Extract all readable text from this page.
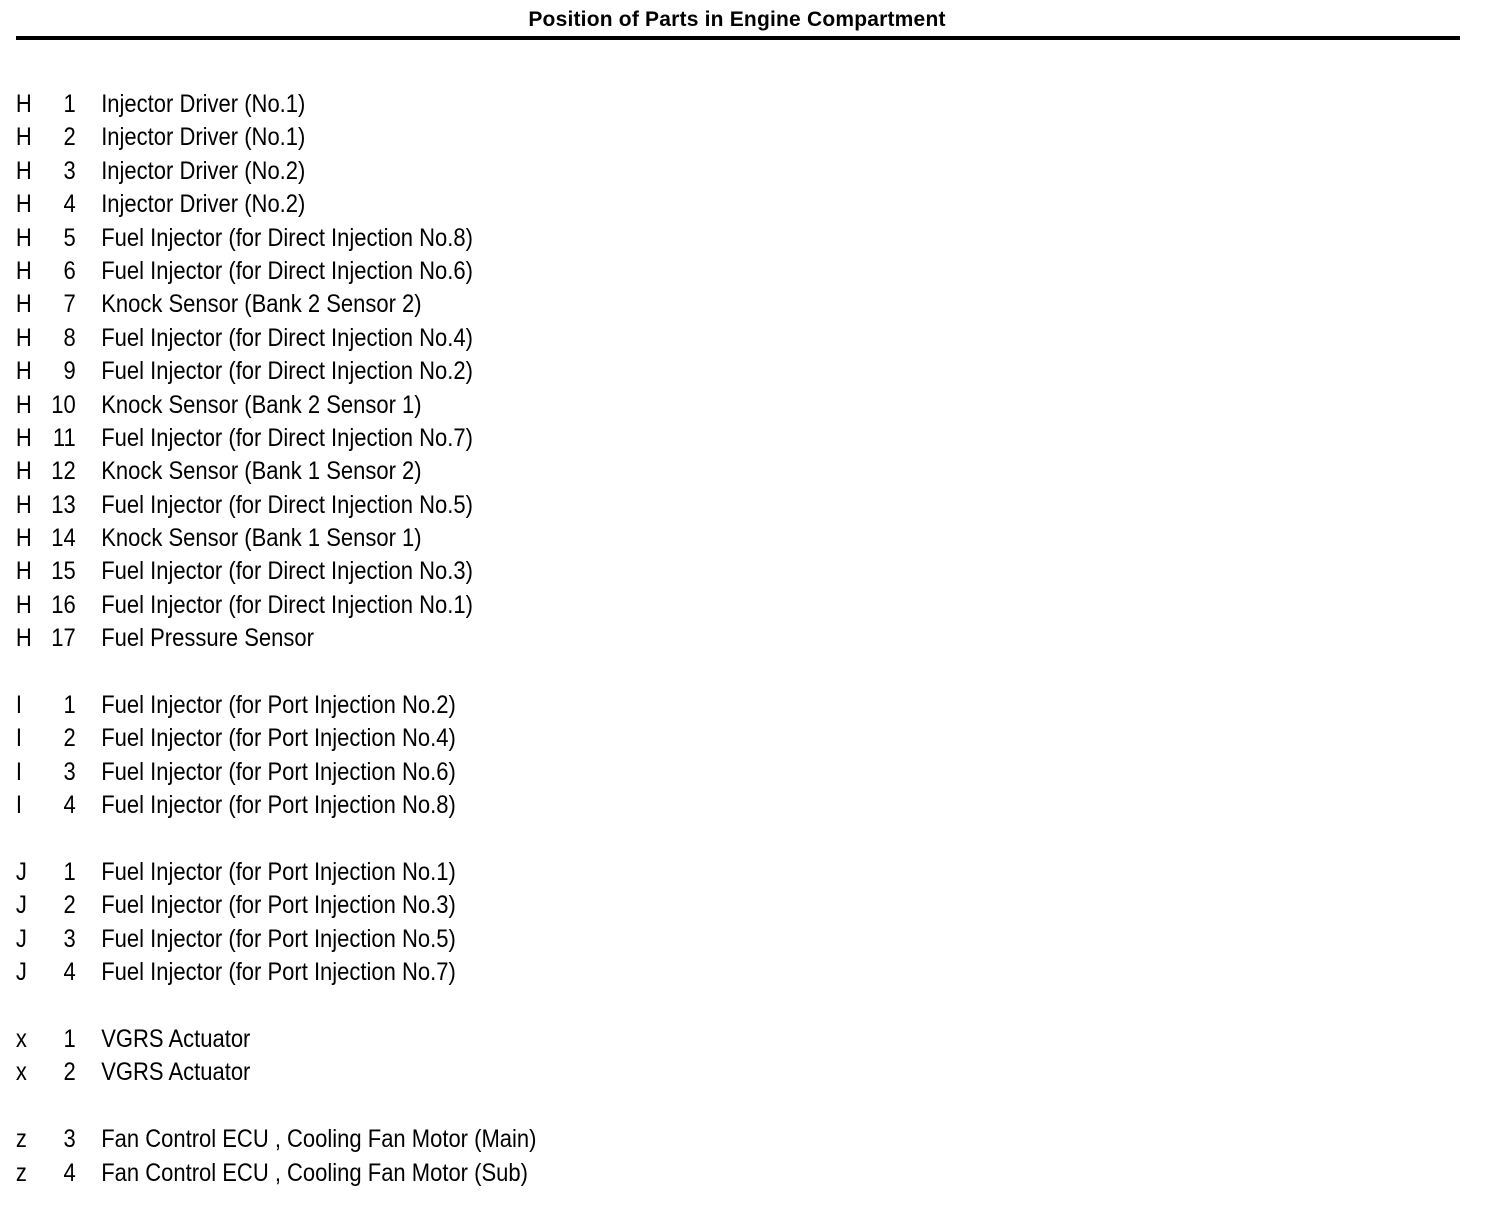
Position of Parts in Engine Compartment
H	1 Injector Driver (No.1)
H	2 Injector Driver (No.1)
H	3 Injector Driver (No.2)
H	4 Injector Driver (No.2)
H	5 Fuel Injector (for Direct Injection No.8)
H	6 Fuel Injector (for Direct Injection No.6)
H	7 Knock Sensor (Bank 2 Sensor 2)
H	8 Fuel Injector (for Direct Injection No.4)
H	9 Fuel Injector (for Direct Injection No.2)
H 10 Knock Sensor (Bank 2 Sensor 1)
H 11 Fuel Injector (for Direct Injection No.7)
H 12 Knock Sensor (Bank 1 Sensor 2)
H 13 Fuel Injector (for Direct Injection No.5)
H 14 Knock Sensor (Bank 1 Sensor 1)
H 15 Fuel Injector (for Direct Injection No.3)
H 16 Fuel Injector (for Direct Injection No.1)
H 17 Fuel Pressure Sensor
I	1 Fuel Injector (for Port Injection No.2)
I	2 Fuel Injector (for Port Injection No.4)
I	3 Fuel Injector (for Port Injection No.6)
I	4 Fuel Injector (for Port Injection No.8)
J	1 Fuel Injector (for Port Injection No.1)
J	2 Fuel Injector (for Port Injection No.3)
J	3 Fuel Injector (for Port Injection No.5)
J	4 Fuel Injector (for Port Injection No.7)
x	1 VGRS Actuator
x	2 VGRS Actuator
z	3 Fan Control ECU , Cooling Fan Motor (Main)
z	4 Fan Control ECU , Cooling Fan Motor (Sub)
